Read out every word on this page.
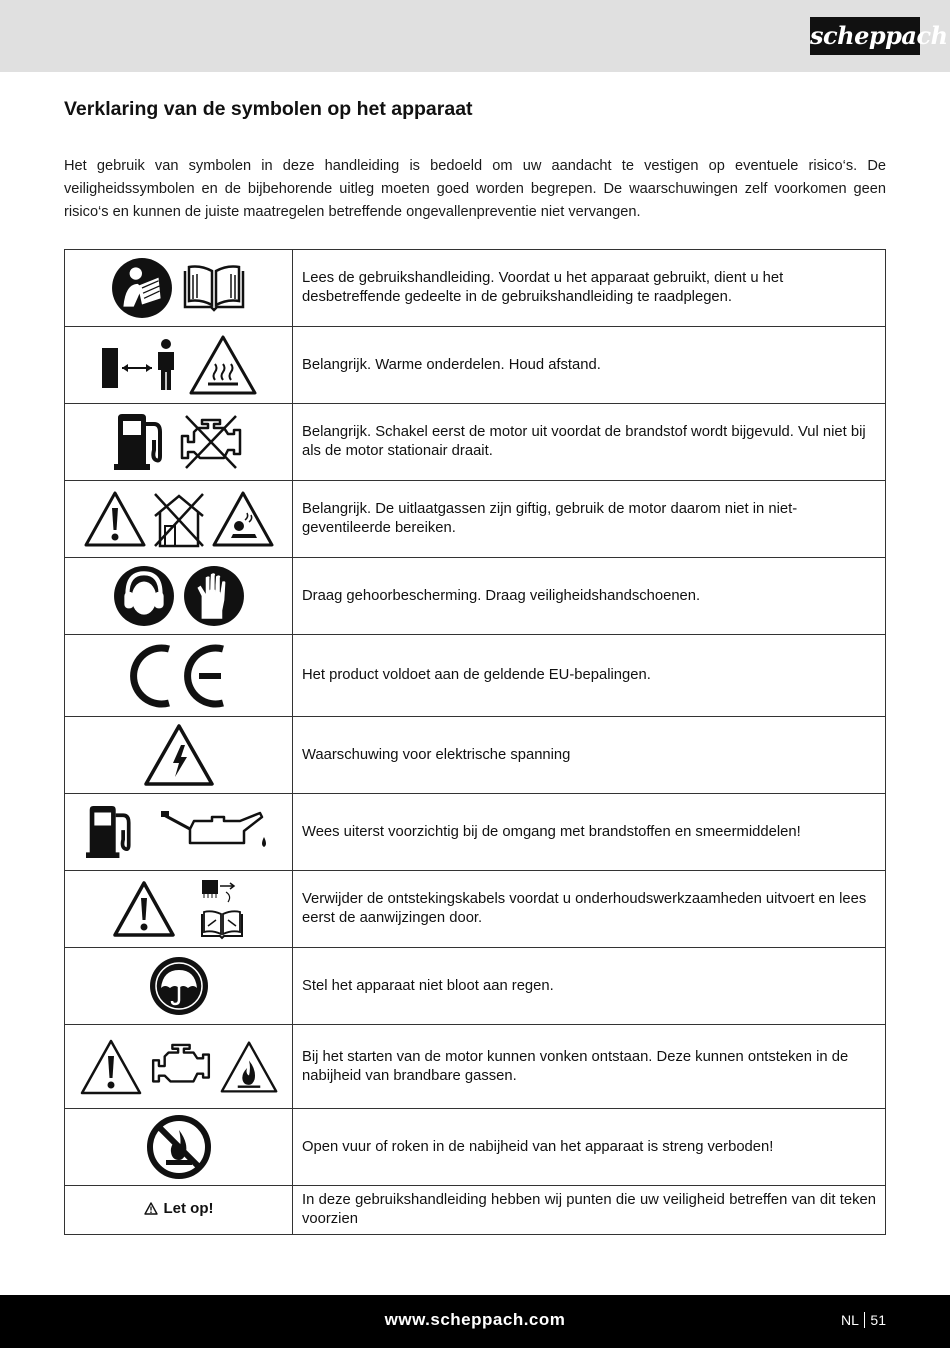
scheppach
Verklaring van de symbolen op het apparaat

Het gebruik van symbolen in deze handleiding is bedoeld om uw aandacht te vestigen op eventuele risico‘s. De veiligheidssymbolen en de bijbehorende uitleg moeten goed worden begrepen. De waarschuwingen zelf voorkomen geen risico‘s en kunnen de juiste maatregelen betreffende ongevallenpreventie niet vervangen.

	Lees de gebruikshandleiding. Voordat u het apparaat gebruikt, dient u het desbetreffende gedeelte in de gebruikshandleiding te raadplegen.

	Belangrijk. Warme onderdelen. Houd afstand.

	Belangrijk. Schakel eerst de motor uit voordat de brandstof wordt bijgevuld. Vul niet bij als de motor stationair draait.

	Belangrijk. De uitlaatgassen zijn giftig, gebruik de motor daarom niet in niet-geventileerde bereiken.

	Draag gehoorbescherming. Draag veiligheidshandschoenen.

	Het product voldoet aan de geldende EU-bepalingen.

	Waarschuwing voor elektrische spanning

	Wees uiterst voorzichtig bij de omgang met brandstoffen en smeermiddelen!

	Verwijder de ontstekingskabels voordat u onderhoudswerkzaamheden uitvoert en lees eerst de aanwijzingen door.

	Stel het apparaat niet bloot aan regen.

	Bij het starten van de motor kunnen vonken ontstaan. Deze kunnen ontsteken in de nabijheid van brandbare gassen.

	Open vuur of roken in de nabijheid van het apparaat is streng verboden!

Let op!	In deze gebruikshandleiding hebben wij punten die uw veiligheid betreffen van dit teken voorzien
www.scheppach.com	NL 51
